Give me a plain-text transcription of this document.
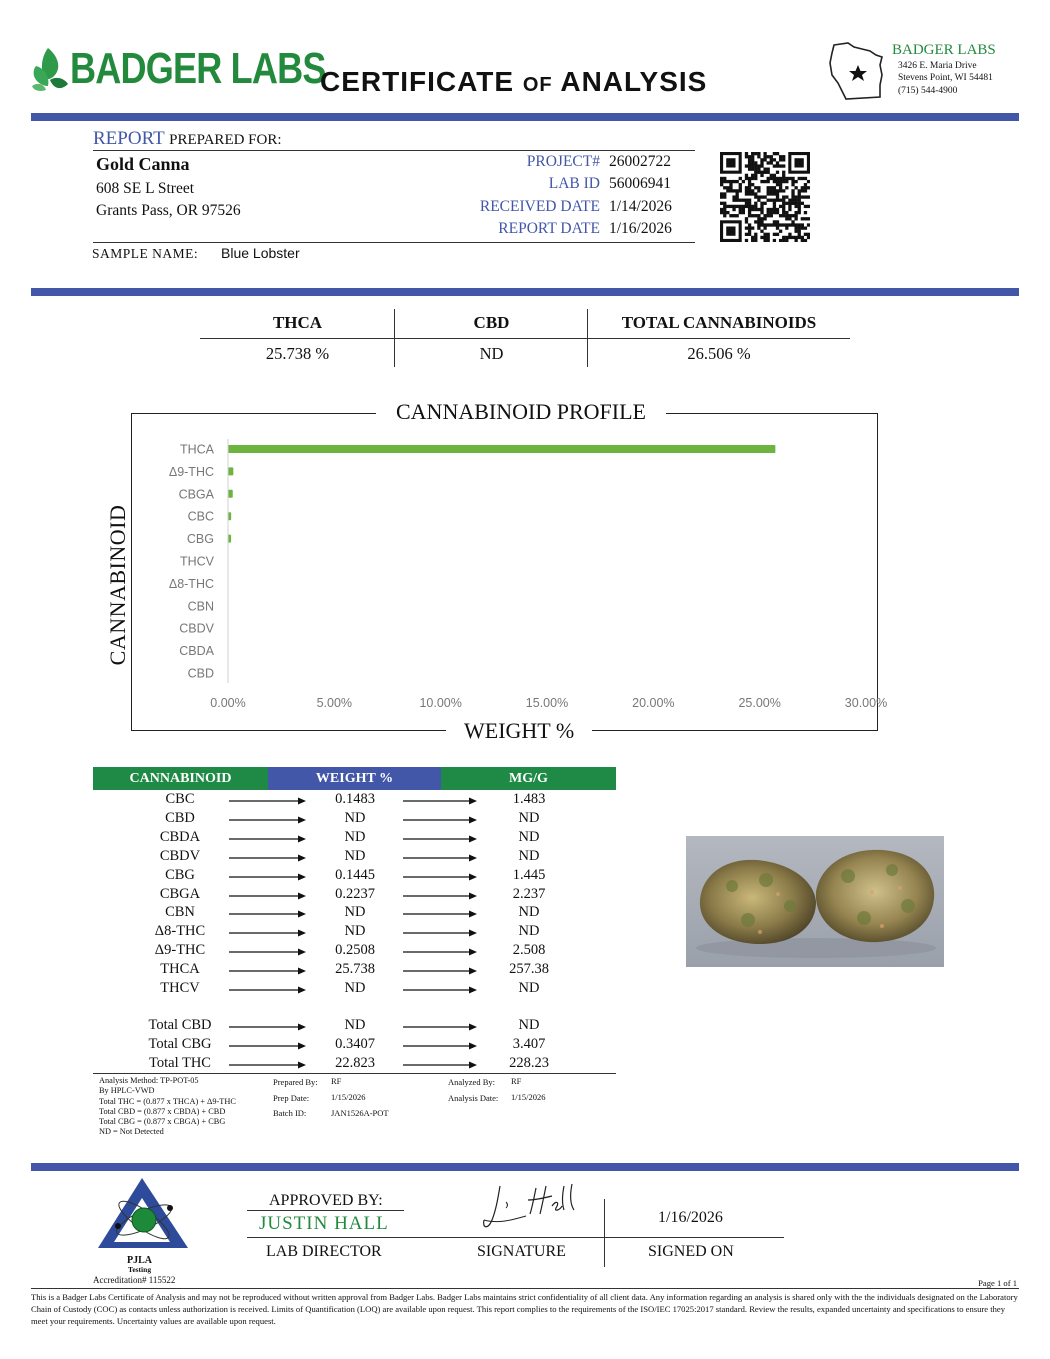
BADGER LABS
CERTIFICATE OF ANALYSIS
BADGER LABS
3426 E. Maria Drive
Stevens Point, WI 54481
(715) 544-4900
REPORT PREPARED FOR:
Gold Canna
608 SE L Street
Grants Pass, OR 97526
PROJECT# 26002722
LAB ID 56006941
RECEIVED DATE 1/14/2026
REPORT DATE 1/16/2026
SAMPLE NAME: Blue Lobster
THCA	CBD	TOTAL CANNABINOIDS
25.738 %	ND	26.506 %
THCA
Δ9-THC
CBGA
CBC
CBG
THCV
Δ8-THC
CBN
CBDV
CBDA
CBD
0.00%	5.00%	10.00%	15.00%	20.00%	25.00%	30.00%
CANNABINOID PROFILE
WEIGHT %
CANNABINOID
CANNABINOID	WEIGHT %	MG/G
CBC	0.1483	1.483
CBD	ND	ND
CBDA	ND	ND
CBDV	ND	ND
CBG	0.1445	1.445
CBGA	0.2237	2.237
CBN	ND	ND
Δ8-THC	ND	ND
Δ9-THC	0.2508	2.508
THCA	25.738	257.38
THCV	ND	ND
Total CBD	ND	ND
Total CBG	0.3407	3.407
Total THC	22.823	228.23
Analysis Method: TP-POT-05
By HPLC-VWD
Total THC = (0.877 x THCA) + Δ9-THC
Total CBD = (0.877 x CBDA) + CBD
Total CBG = (0.877 x CBGA) + CBG
ND = Not Detected
Prepared By: RF
Prep Date:	1/15/2026
Batch ID:	JAN1526A-POT
Analyzed By: RF
Analysis Date: 1/15/2026
PJLA
Testing
Accreditation# 115522
APPROVED BY:
JUSTIN HALL
LAB DIRECTOR	SIGNATURE	SIGNED ON
1/16/2026
Page 1 of 1
This is a Badger Labs Certificate of Analysis and may not be reproduced without written approval from Badger Labs. Badger Labs maintains strict confidentiality of all client data. Any information regarding an analysis is shared only with the the individuals designated on the Laboratory Chain of Custody (COC) as contacts unless authorization is received. Limits of Quantification (LOQ) are available upon request. This report complies to the requirements of the ISO/IEC 17025:2017 standard. Review the results, expanded uncertainty and specifications to ensure they meet your requirements. Uncertainty values are available upon request.
